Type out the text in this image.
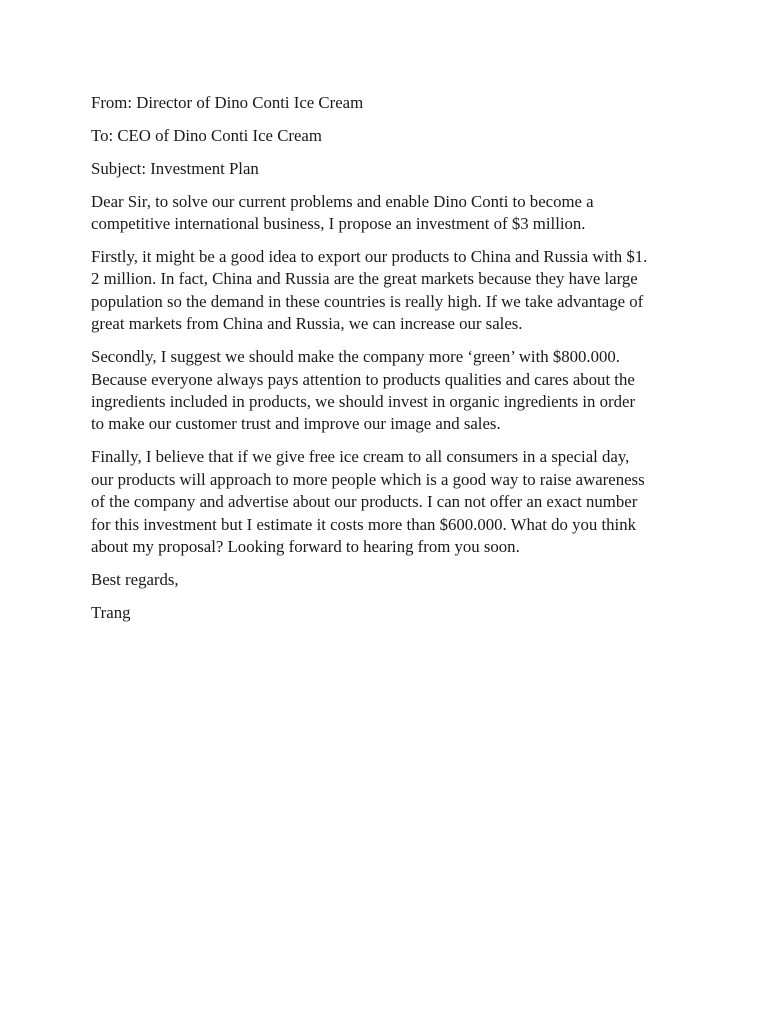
From: Director of Dino Conti Ice Cream

To: CEO of Dino Conti Ice Cream

Subject: Investment Plan

Dear Sir, to solve our current problems and enable Dino Conti to become a
competitive international business, I propose an investment of $3 million.

Firstly, it might be a good idea to export our products to China and Russia with $1.
2 million. In fact, China and Russia are the great markets because they have large
population so the demand in these countries is really high. If we take advantage of
great markets from China and Russia, we can increase our sales.

Secondly, I suggest we should make the company more ‘green’ with $800.000.
Because everyone always pays attention to products qualities and cares about the
ingredients included in products, we should invest in organic ingredients in order
to make our customer trust and improve our image and sales.

Finally, I believe that if we give free ice cream to all consumers in a special day,
our products will approach to more people which is a good way to raise awareness
of the company and advertise about our products. I can not offer an exact number
for this investment but I estimate it costs more than $600.000. What do you think
about my proposal? Looking forward to hearing from you soon.

Best regards,

Trang
